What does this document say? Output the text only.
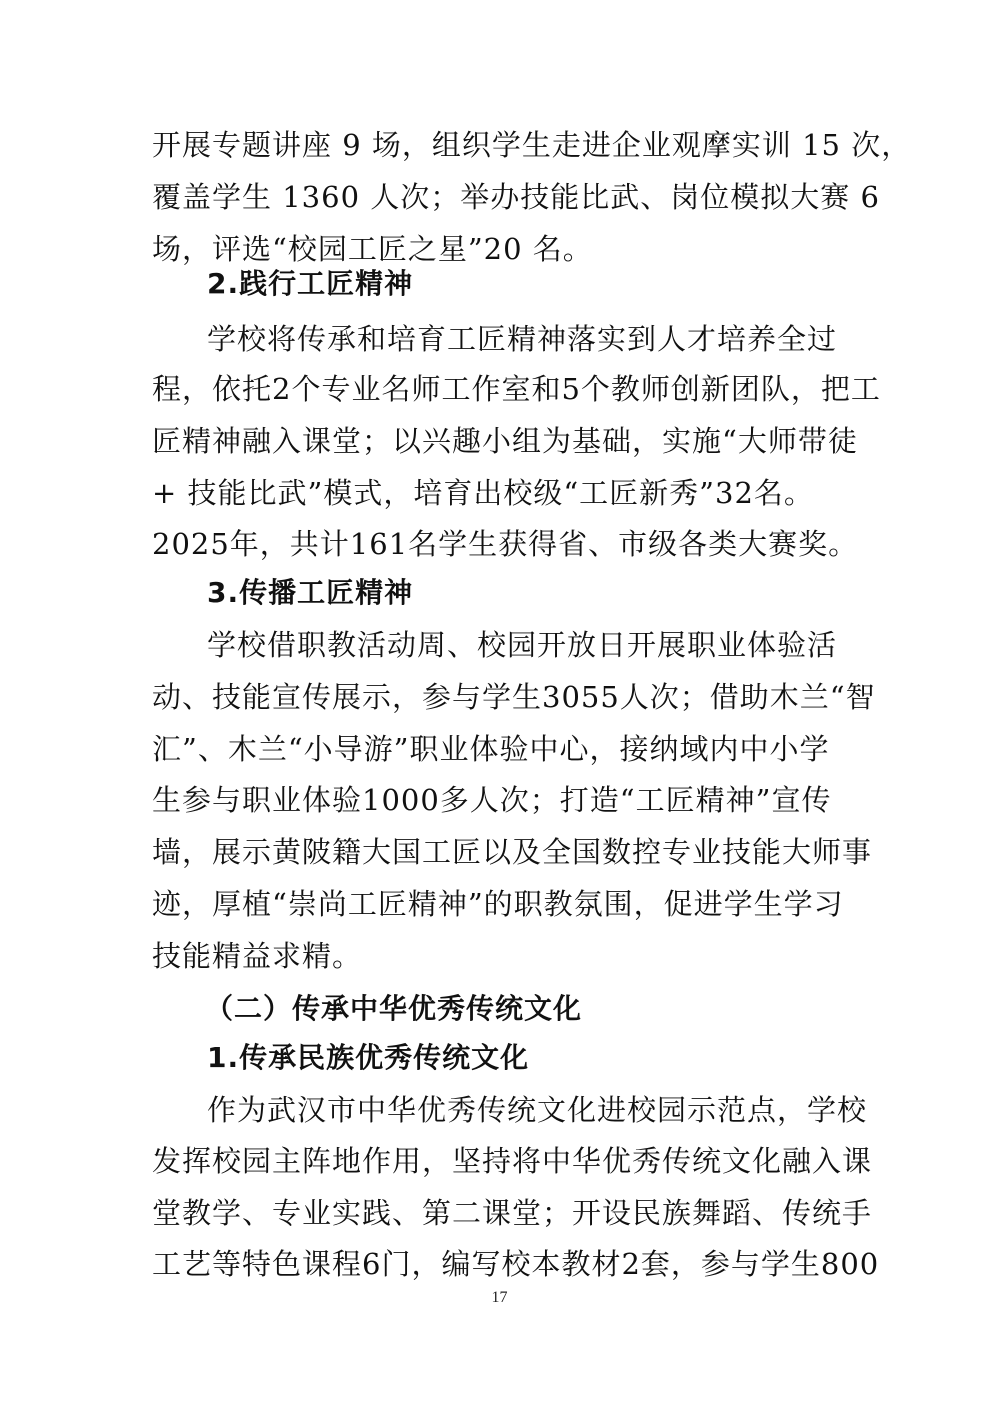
开展专题讲座 9 场，组织学生走进企业观摩实训 15 次，
覆盖学生 1360 人次；举办技能比武、岗位模拟大赛 6
场，评选“校园工匠之星”20 名。
2.践行工匠精神
学校将传承和培育工匠精神落实到人才培养全过
程，依托2个专业名师工作室和5个教师创新团队，把工
匠精神融入课堂；以兴趣小组为基础，实施“大师带徒
+ 技能比武”模式，培育出校级“工匠新秀”32名。
2025年，共计161名学生获得省、市级各类大赛奖。
3.传播工匠精神
学校借职教活动周、校园开放日开展职业体验活
动、技能宣传展示，参与学生3055人次；借助木兰“智
汇”、木兰“小导游”职业体验中心，接纳域内中小学
生参与职业体验1000多人次；打造“工匠精神”宣传
墙，展示黄陂籍大国工匠以及全国数控专业技能大师事
迹，厚植“崇尚工匠精神”的职教氛围，促进学生学习
技能精益求精。
（二）传承中华优秀传统文化
1.传承民族优秀传统文化
作为武汉市中华优秀传统文化进校园示范点，学校
发挥校园主阵地作用，坚持将中华优秀传统文化融入课
堂教学、专业实践、第二课堂；开设民族舞蹈、传统手
工艺等特色课程6门，编写校本教材2套，参与学生800
17
